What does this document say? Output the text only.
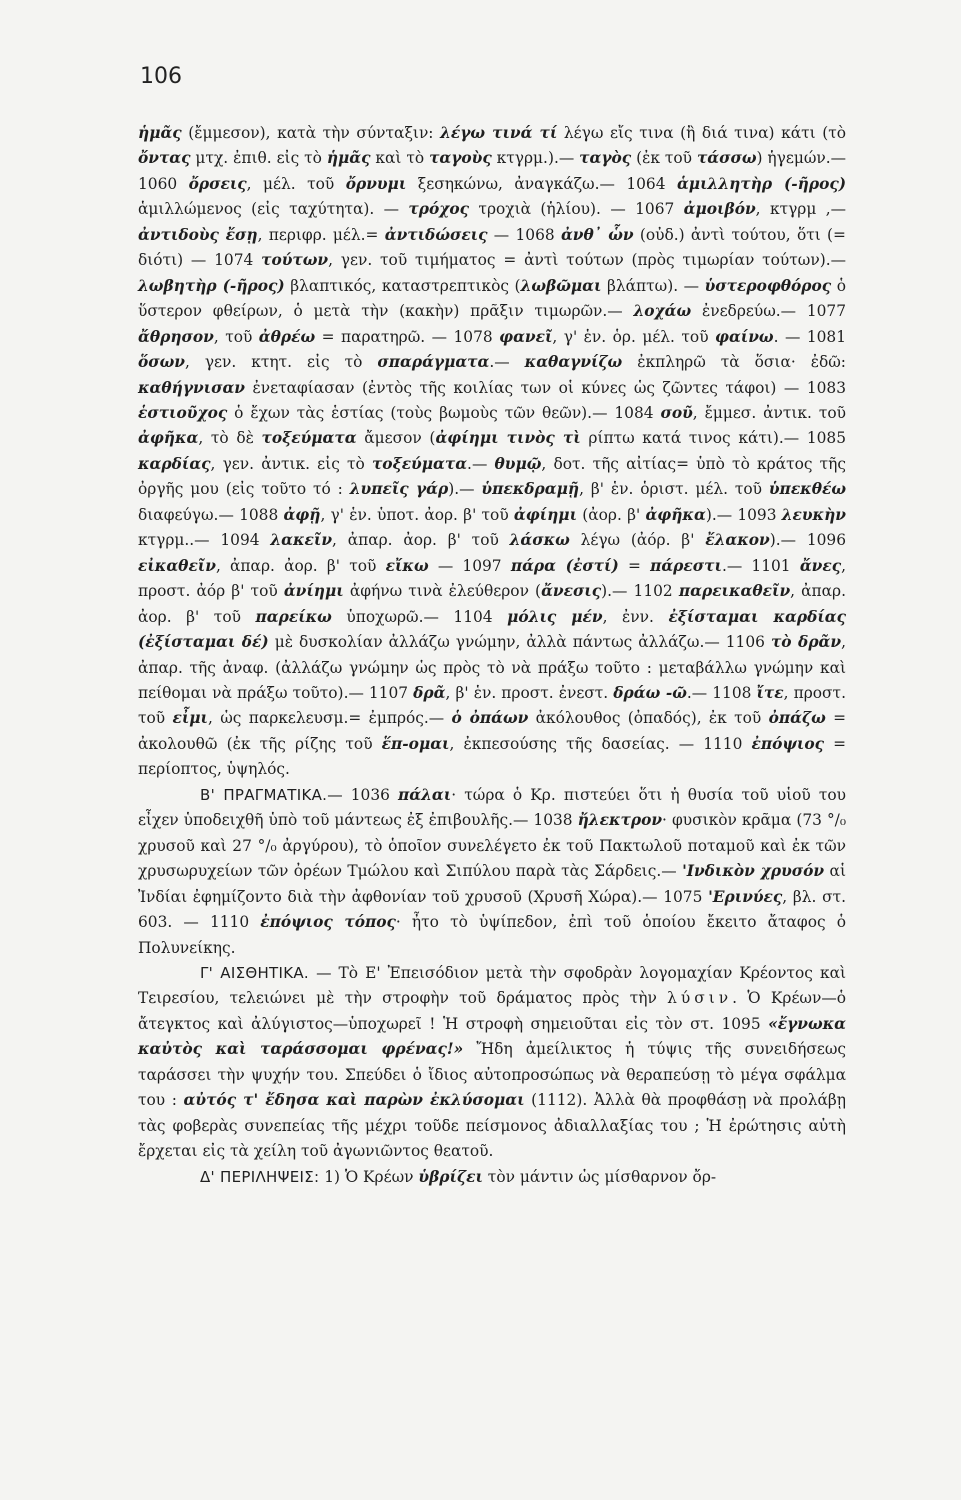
106

ἡμᾶς (ἔμμεσον), κατὰ τὴν σύνταξιν: λέγω τινά τί λέγω εἴς τινα (ἢ διά τινα) κάτι (τὸ ὄντας μτχ. ἐπιθ. εἰς τὸ ἡμᾶς καὶ τὸ ταγοὺς κτγρμ.).— ταγὸς (ἐκ τοῦ τάσσω) ἡγεμών.— 1060 ὄρσεις, μέλ. τοῦ ὄρνυμι ξεσηκώνω, ἀναγκάζω.— 1064 ἁμιλλητὴρ (-ῆρος) ἁμιλλώμενος (εἰς ταχύτητα). — τρόχος τροχιὰ (ἡλίου). — 1067 ἀμοιβόν, κτγρμ ,— ἀντιδοὺς ἔσῃ, περιφρ. μέλ.= ἀντιδώσεις — 1068 ἀνθ᾽ ὧν (οὐδ.) ἀντὶ τούτου, ὅτι (= διότι) — 1074 τούτων, γεν. τοῦ τιμήματος = ἀντὶ τούτων (πρὸς τιμωρίαν τούτων).— λωβητὴρ (-ῆρος) βλαπτικός, καταστρεπτικὸς (λωβῶμαι βλάπτω). — ὑστεροφθόρος ὁ ὕστερον φθείρων, ὁ μετὰ τὴν (κακὴν) πρᾶξιν τιμωρῶν.— λοχάω ἐνεδρεύω.— 1077 ἄθρησον, τοῦ ἀθρέω = παρατηρῶ. — 1078 φανεῖ, γ' ἑν. ὁρ. μέλ. τοῦ φαίνω. — 1081 ὅσων, γεν. κτητ. εἰς τὸ σπαράγματα.— καθαγνίζω ἐκπληρῶ τὰ ὅσια· ἐδῶ: καθήγνισαν ἐνεταφίασαν (ἐντὸς τῆς κοιλίας των οἱ κύνες ὡς ζῶντες τάφοι) — 1083 ἑστιοῦχος ὁ ἔχων τὰς ἑστίας (τοὺς βωμοὺς τῶν θεῶν).— 1084 σοῦ, ἔμμεσ. ἀντικ. τοῦ ἀφῆκα, τὸ δὲ τοξεύματα ἄμεσον (ἀφίημι τινὸς τὶ ρίπτω κατά τινος κάτι).— 1085 καρδίας, γεν. ἀντικ. εἰς τὸ τοξεύματα.— θυμῷ, δοτ. τῆς αἰτίας= ὑπὸ τὸ κράτος τῆς ὀργῆς μου (εἰς τοῦτο τό : λυπεῖς γάρ).— ὑπεκδραμῇ, β' ἑν. ὁριστ. μέλ. τοῦ ὑπεκθέω διαφεύγω.— 1088 ἀφῇ, γ' ἑν. ὑποτ. ἀορ. β' τοῦ ἀφίημι (ἀορ. β' ἀφῆκα).— 1093 λευκὴν κτγρμ..— 1094 λακεῖν, ἀπαρ. ἀορ. β' τοῦ λάσκω λέγω (ἀόρ. β' ἔλακον).— 1096 εἰκαθεῖν, ἀπαρ. ἀορ. β' τοῦ εἴκω — 1097 πάρα (ἐστί) = πάρεστι.— 1101 ἄνες, προστ. ἀόρ β' τοῦ ἀνίημι ἀφήνω τινὰ ἐλεύθερον (ἄνεσις).— 1102 παρεικαθεῖν, ἀπαρ. ἀορ. β' τοῦ παρείκω ὑποχωρῶ.— 1104 μόλις μέν, ἐνν. ἐξίσταμαι καρδίας (ἐξίσταμαι δέ) μὲ δυσκολίαν ἀλλάζω γνώμην, ἀλλὰ πάντως ἀλλάζω.— 1106 τὸ δρᾶν, ἀπαρ. τῆς ἀναφ. (ἀλλάζω γνώμην ὡς πρὸς τὸ νὰ πράξω τοῦτο : μεταβάλλω γνώμην καὶ πείθομαι νὰ πράξω τοῦτο).— 1107 δρᾶ, β' ἑν. προστ. ἐνεστ. δράω -ῶ.— 1108 ἴτε, προστ. τοῦ εἶμι, ὡς παρκελευσμ.= ἐμπρός.— ὁ ὀπάων ἀκόλουθος (ὀπαδός), ἐκ τοῦ ὀπάζω = ἀκολουθῶ (ἐκ τῆς ρίζης τοῦ ἕπ-ομαι, ἐκπεσούσης τῆς δασείας. — 1110 ἐπόψιος = περίοπτος, ὑψηλός.

Β' ΠΡΑΓΜΑΤΙΚΑ.— 1036 πάλαι· τώρα ὁ Κρ. πιστεύει ὅτι ἡ θυσία τοῦ υἱοῦ του εἶχεν ὑποδειχθῆ ὑπὸ τοῦ μάντεως ἐξ ἐπιβουλῆς.— 1038 ἤλεκτρον· φυσικὸν κρᾶμα (73 °/₀ χρυσοῦ καὶ 27 °/₀ ἀργύρου), τὸ ὁποῖον συνελέγετο ἐκ τοῦ Πακτωλοῦ ποταμοῦ καὶ ἐκ τῶν χρυσωρυχείων τῶν ὀρέων Τμώλου καὶ Σιπύλου παρὰ τὰς Σάρδεις.— 'Ινδικὸν χρυσόν αἱ Ἰνδίαι ἐφημίζοντο διὰ τὴν ἀφθονίαν τοῦ χρυσοῦ (Χρυσῆ Χώρα).— 1075 'Ερινύες, βλ. στ. 603. — 1110 ἐπόψιος τόπος· ἦτο τὸ ὑψίπεδον, ἐπὶ τοῦ ὁποίου ἔκειτο ἄταφος ὁ Πολυνείκης.

Γ' ΑΙΣΘΗΤΙΚΑ. — Τὸ Ε' Ἐπεισόδιον μετὰ τὴν σφοδρὰν λογομαχίαν Κρέοντος καὶ Τειρεσίου, τελειώνει μὲ τὴν στροφὴν τοῦ δράματος πρὸς τὴν λύσιν. Ὁ Κρέων—ὁ ἄτεγκτος καὶ ἀλύγιστος—ὑποχωρεῖ ! Ἡ στροφὴ σημειοῦται εἰς τὸν στ. 1095 «ἔγνωκα καὐτὸς καὶ ταράσσομαι φρένας!» Ἤδη ἀμείλικτος ἡ τύψις τῆς συνειδήσεως ταράσσει τὴν ψυχήν του. Σπεύδει ὁ ἴδιος αὐτοπροσώπως νὰ θεραπεύσῃ τὸ μέγα σφάλμα του : αὐτός τ' ἔδησα καὶ παρὼν ἐκλύσομαι (1112). Ἀλλὰ θὰ προφθάσῃ νὰ προλάβῃ τὰς φοβερὰς συνεπείας τῆς μέχρι τοῦδε πείσμονος ἀδιαλλαξίας του ; Ἡ ἐρώτησις αὐτὴ ἔρχεται εἰς τὰ χείλη τοῦ ἀγωνιῶντος θεατοῦ.

Δ' ΠΕΡΙΛΗΨΕΙΣ: 1) Ὁ Κρέων ὑβρίζει τὸν μάντιν ὡς μίσθαρνον ὄρ-
